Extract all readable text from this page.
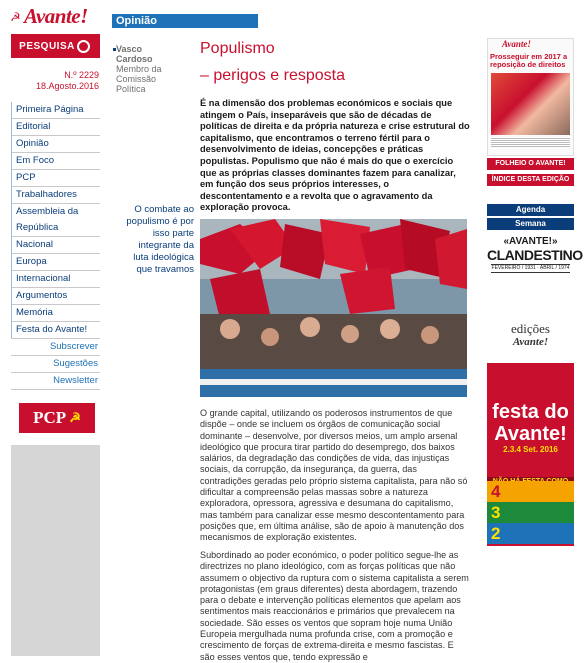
☭ Avante!	Opinião
PESQUISA
N.º 2229
18.Agosto.2016
Primeira Página
Editorial
Opinião
Em Foco
PCP
Trabalhadores
Assembleia da
República
Nacional
Europa
Internacional
Argumentos
Memória
Festa do Avante!
Subscrever
Sugestões
Newsletter
PCP ☭
Vasco
Cardoso
Membro da
Comissão
Política
O combate ao
populismo é por
isso parte
integrante da
luta ideológica
que travamos
Populismo
– perigos e resposta
É na dimensão dos problemas económicos e sociais que atingem o País, inseparáveis que são de décadas de políticas de direita e da própria natureza e crise estrutural do capitalismo, que encontramos o terreno fértil para o desenvolvimento de ideias, concepções e práticas populistas. Populismo que não é mais do que o exercício que as próprias classes dominantes fazem para canalizar, em função dos seus próprios interesses, o descontentamento e a revolta que o agravamento da exploração provoca.
O grande capital, utilizando os poderosos instrumentos de que dispõe – onde se incluem os órgãos de comunicação social dominante – desenvolve, por diversos meios, um amplo arsenal ideológico que procura tirar partido do desemprego, dos baixos salários, da degradação das condições de vida, das injustiças sociais, da corrupção, da insegurança, da guerra, das contradições geradas pelo próprio sistema capitalista, para não só dificultar a compreensão pelas massas sobre a natureza exploradora, opressora, agressiva e desumana do capitalismo, mas também para canalizar esse mesmo descontentamento para posições que, em última análise, são de apoio à manutenção dos mecanismos de exploração existentes.
Subordinado ao poder económico, o poder político segue-lhe as directrizes no plano ideológico, com as forças políticas que não assumem o objectivo da ruptura com o sistema capitalista a serem protagonistas (em graus diferentes) desta abordagem, trazendo para o debate e intervenção políticas elementos que apelam aos sentimentos mais reaccionários e primários que prevalecem na sociedade. São esses os ventos que sopram hoje numa União Europeia mergulhada numa profunda crise, com a promoção e crescimento de forças de extrema-direita e mesmo fascistas. E são esses ventos que, tendo expressão e
Avante!
Prosseguir em 2017 a reposição de direitos
FOLHEIO O AVANTE!
ÍNDICE DESTA EDIÇÃO
Agenda
Semana
«AVANTE!»
CLANDESTINO
FEVEREIRO / 1931 · ABRIL / 1974
edições
Avante!
festa do Avante!
2.3.4 Set. 2016
4
3
2
